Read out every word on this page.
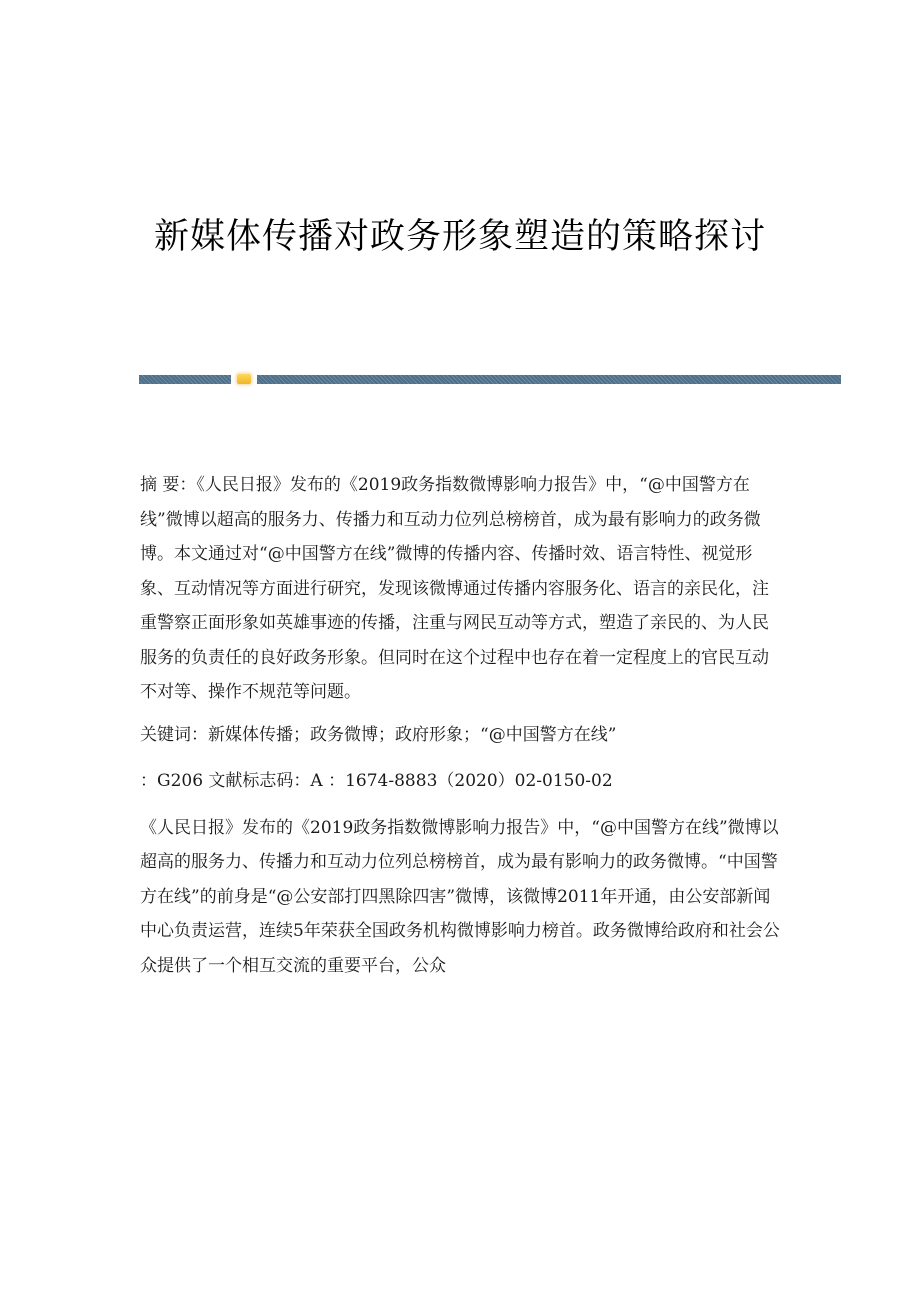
新媒体传播对政务形象塑造的策略探讨

摘 要：《人民日报》发布的《2019政务指数微博影响力报告》中，“@中国警方在线”微博以超高的服务力、传播力和互动力位列总榜榜首，成为最有影响力的政务微博。本文通过对“@中国警方在线”微博的传播内容、传播时效、语言特性、视觉形象、互动情况等方面进行研究，发现该微博通过传播内容服务化、语言的亲民化，注重警察正面形象如英雄事迹的传播，注重与网民互动等方式，塑造了亲民的、为人民服务的负责任的良好政务形象。但同时在这个过程中也存在着一定程度上的官民互动不对等、操作不规范等问题。

关键词：新媒体传播；政务微博；政府形象；“@中国警方在线”

：G206 文献标志码：A ：1674-8883（2020）02-0150-02

《人民日报》发布的《2019政务指数微博影响力报告》中，“@中国警方在线”微博以超高的服务力、传播力和互动力位列总榜榜首，成为最有影响力的政务微博。“中国警方在线”的前身是“@公安部打四黑除四害”微博，该微博2011年开通，由公安部新闻中心负责运营，连续5年荣获全国政务机构微博影响力榜首。政务微博给政府和社会公众提供了一个相互交流的重要平台，公众
